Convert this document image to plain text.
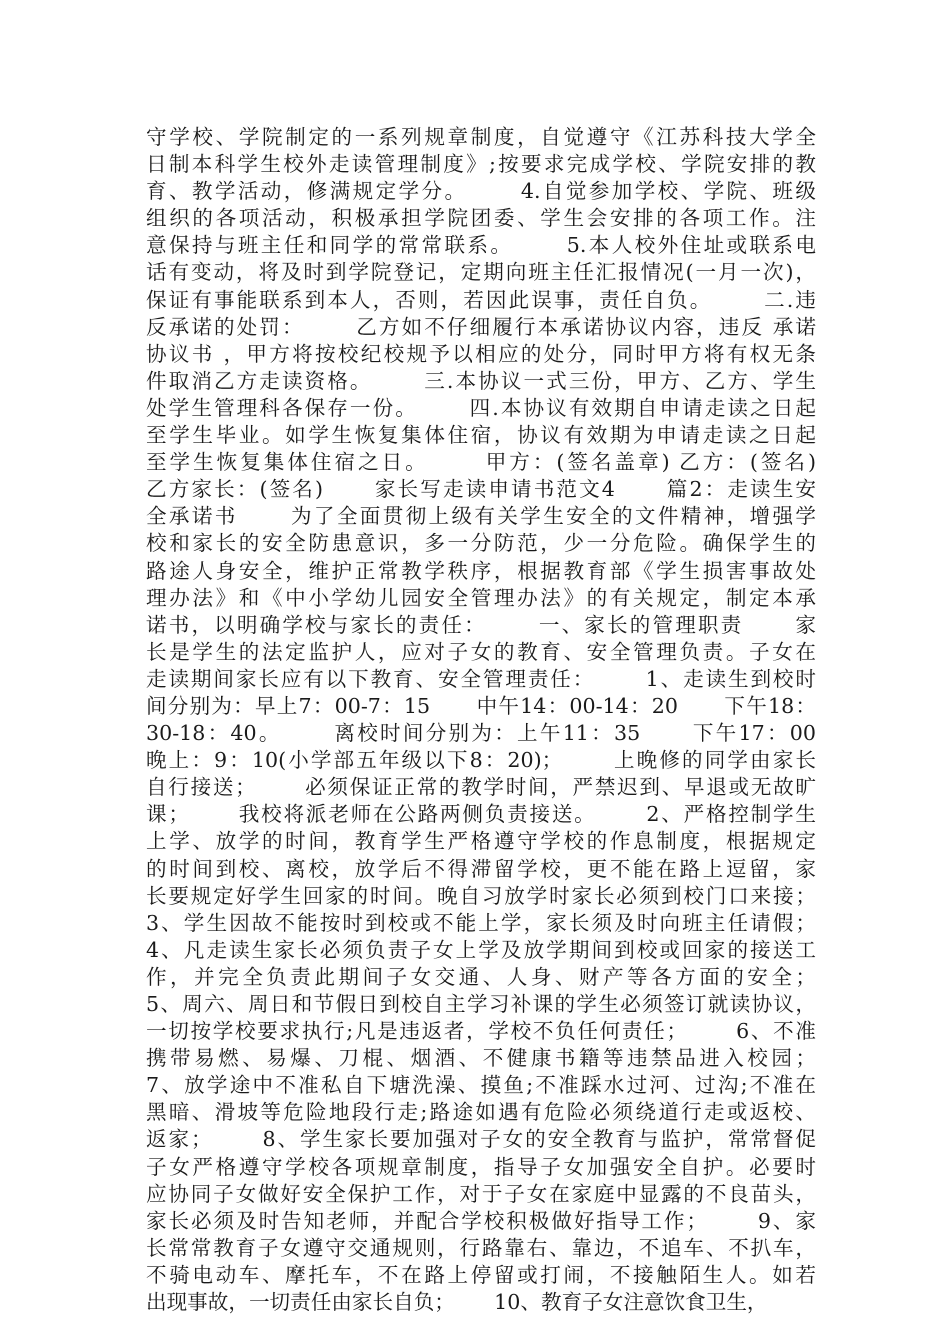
守学校、学院制定的一系列规章制度，自觉遵守《江苏科技大学全
日制本科学生校外走读管理制度》;按要求完成学校、学院安排的教
育、教学活动，修满规定学分。      4.自觉参加学校、学院、班级
组织的各项活动，积极承担学院团委、学生会安排的各项工作。注
意保持与班主任和同学的常常联系。      5.本人校外住址或联系电
话有变动，将及时到学院登记，定期向班主任汇报情况(一月一次)，
保证有事能联系到本人，否则，若因此误事，责任自负。      二.违
反承诺的处罚：      乙方如不仔细履行本承诺协议内容，违反 承诺
协议书 ，甲方将按校纪校规予以相应的处分，同时甲方将有权无条
件取消乙方走读资格。      三.本协议一式三份，甲方、乙方、学生
处学生管理科各保存一份。      四.本协议有效期自申请走读之日起
至学生毕业。如学生恢复集体住宿，协议有效期为申请走读之日起
至学生恢复集体住宿之日。      甲方：(签名盖章) 乙方：(签名)
乙方家长：(签名)      家长写走读申请书范文4      篇2：走读生安
全承诺书      为了全面贯彻上级有关学生安全的文件精神，增强学
校和家长的安全防患意识，多一分防范，少一分危险。确保学生的
路途人身安全，维护正常教学秩序，根据教育部《学生损害事故处
理办法》和《中小学幼儿园安全管理办法》的有关规定，制定本承
诺书，以明确学校与家长的责任：      一、家长的管理职责      家
长是学生的法定监护人，应对子女的教育、安全管理负责。子女在
走读期间家长应有以下教育、安全管理责任：      1、走读生到校时
间分别为：早上7：00-7：15      中午14：00-14：20      下午18：
30-18：40。      离校时间分别为：上午11：35      下午17：00
晚上：9：10(小学部五年级以下8：20)；      上晚修的同学由家长
自行接送；      必须保证正常的教学时间，严禁迟到、早退或无故旷
课；      我校将派老师在公路两侧负责接送。      2、严格控制学生
上学、放学的时间，教育学生严格遵守学校的作息制度，根据规定
的时间到校、离校，放学后不得滞留学校，更不能在路上逗留，家
长要规定好学生回家的时间。晚自习放学时家长必须到校门口来接；
3、学生因故不能按时到校或不能上学，家长须及时向班主任请假；
4、凡走读生家长必须负责子女上学及放学期间到校或回家的接送工
作，并完全负责此期间子女交通、人身、财产等各方面的安全；
5、周六、周日和节假日到校自主学习补课的学生必须签订就读协议，
一切按学校要求执行;凡是违返者，学校不负任何责任；      6、不准
携带易燃、易爆、刀棍、烟酒、不健康书籍等违禁品进入校园；
7、放学途中不准私自下塘洗澡、摸鱼;不准踩水过河、过沟;不准在
黑暗、滑坡等危险地段行走;路途如遇有危险必须绕道行走或返校、
返家；      8、学生家长要加强对子女的安全教育与监护，常常督促
子女严格遵守学校各项规章制度，指导子女加强安全自护。必要时
应协同子女做好安全保护工作，对于子女在家庭中显露的不良苗头，
家长必须及时告知老师，并配合学校积极做好指导工作；      9、家
长常常教育子女遵守交通规则，行路靠右、靠边，不追车、不扒车，
不骑电动车、摩托车，不在路上停留或打闹，不接触陌生人。如若
出现事故，一切责任由家长自负；      10、教育子女注意饮食卫生，
